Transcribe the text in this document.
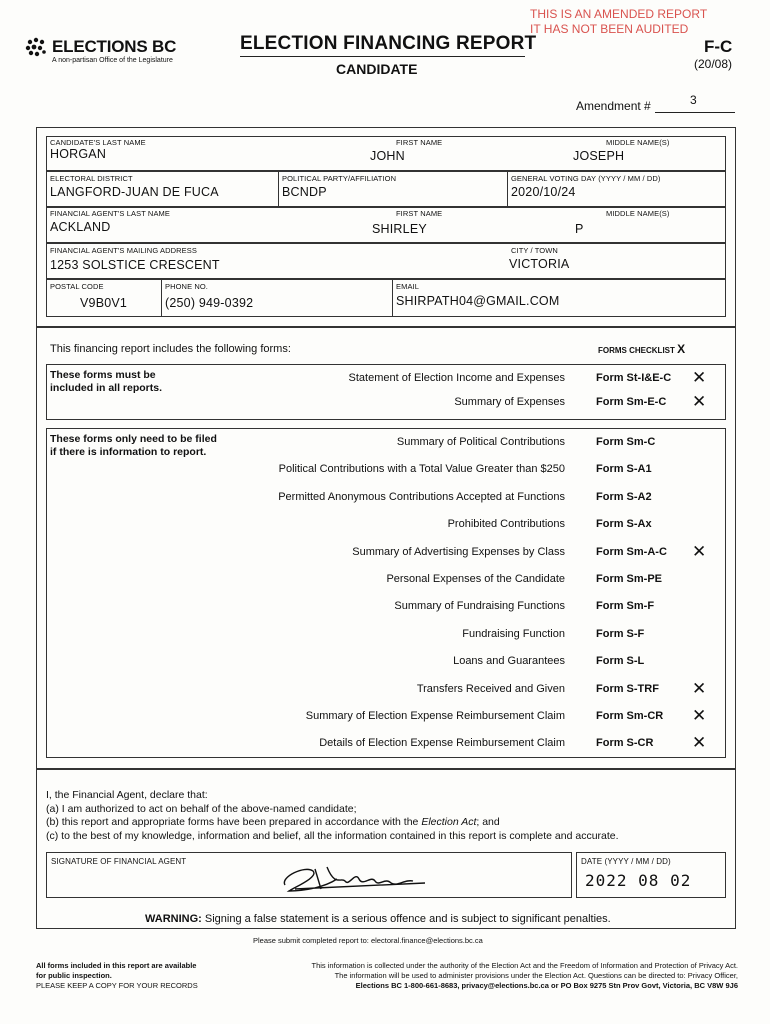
THIS IS AN AMENDED REPORT
IT HAS NOT BEEN AUDITED
ELECTIONS BC
A non-partisan Office of the Legislature
ELECTION FINANCING REPORT
CANDIDATE
F-C
(20/08)
Amendment #	3
CANDIDATE'S LAST NAME
HORGAN
FIRST NAME
JOHN
MIDDLE NAME(S)
JOSEPH
ELECTORAL DISTRICT
LANGFORD-JUAN DE FUCA
POLITICAL PARTY/AFFILIATION
BCNDP
GENERAL VOTING DAY (YYYY / MM / DD)
2020/10/24
FINANCIAL AGENT'S LAST NAME
ACKLAND
FIRST NAME
SHIRLEY
MIDDLE NAME(S)
P
FINANCIAL AGENT'S MAILING ADDRESS
1253 SOLSTICE CRESCENT
CITY / TOWN
VICTORIA
POSTAL CODE
V9B0V1
PHONE NO.
(250) 949-0392
EMAIL
SHIRPATH04@GMAIL.COM
This financing report includes the following forms:	FORMS CHECKLIST X
These forms must be
included in all reports.
Statement of Election Income and Expenses	Form St-I&E-C	✕
Summary of Expenses	Form Sm-E-C	✕
These forms only need to be filed
if there is information to report.
Summary of Political Contributions	Form Sm-C
Political Contributions with a Total Value Greater than $250	Form S-A1
Permitted Anonymous Contributions Accepted at Functions	Form S-A2
Prohibited Contributions	Form S-Ax
Summary of Advertising Expenses by Class	Form Sm-A-C	✕
Personal Expenses of the Candidate	Form Sm-PE
Summary of Fundraising Functions	Form Sm-F
Fundraising Function	Form S-F
Loans and Guarantees	Form S-L
Transfers Received and Given	Form S-TRF	✕
Summary of Election Expense Reimbursement Claim	Form Sm-CR	✕
Details of Election Expense Reimbursement Claim	Form S-CR	✕
I, the Financial Agent, declare that:
(a) I am authorized to act on behalf of the above-named candidate;
(b) this report and appropriate forms have been prepared in accordance with the Election Act; and
(c) to the best of my knowledge, information and belief, all the information contained in this report is complete and accurate.
SIGNATURE OF FINANCIAL AGENT	DATE (YYYY / MM / DD)
2022 08 02
WARNING: Signing a false statement is a serious offence and is subject to significant penalties.
Please submit completed report to: electoral.finance@elections.bc.ca
All forms included in this report are available
for public inspection.
PLEASE KEEP A COPY FOR YOUR RECORDS
This information is collected under the authority of the Election Act and the Freedom of Information and Protection of Privacy Act.
The information will be used to administer provisions under the Election Act. Questions can be directed to: Privacy Officer,
Elections BC 1-800-661-8683, privacy@elections.bc.ca or PO Box 9275 Stn Prov Govt, Victoria, BC V8W 9J6
